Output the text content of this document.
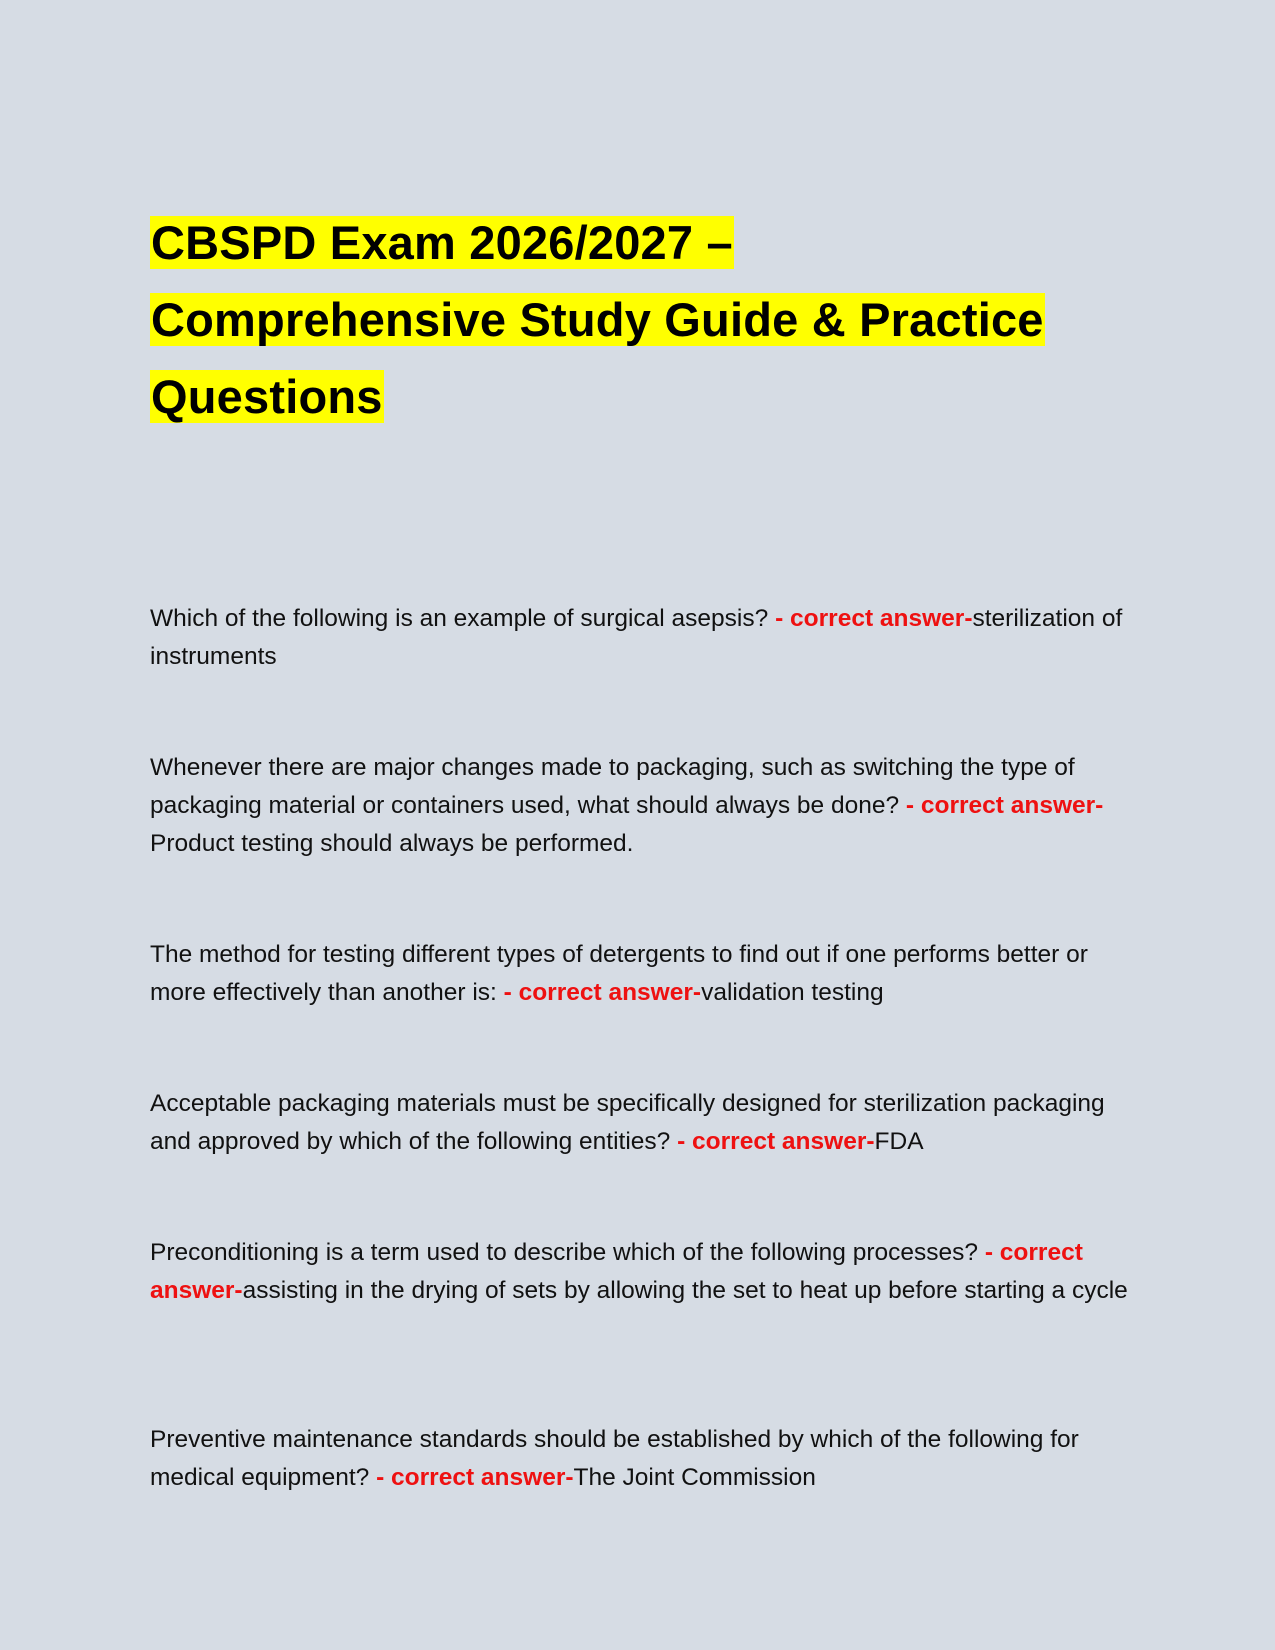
CBSPD Exam 2026/2027 –
Comprehensive Study Guide & Practice
Questions

Which of the following is an example of surgical asepsis? - correct answer-sterilization of instruments

Whenever there are major changes made to packaging, such as switching the type of packaging material or containers used, what should always be done? - correct answer-Product testing should always be performed.

The method for testing different types of detergents to find out if one performs better or more effectively than another is: - correct answer-validation testing

Acceptable packaging materials must be specifically designed for sterilization packaging and approved by which of the following entities? - correct answer-FDA

Preconditioning is a term used to describe which of the following processes? - correct answer-assisting in the drying of sets by allowing the set to heat up before starting a cycle

Preventive maintenance standards should be established by which of the following for medical equipment? - correct answer-The Joint Commission
